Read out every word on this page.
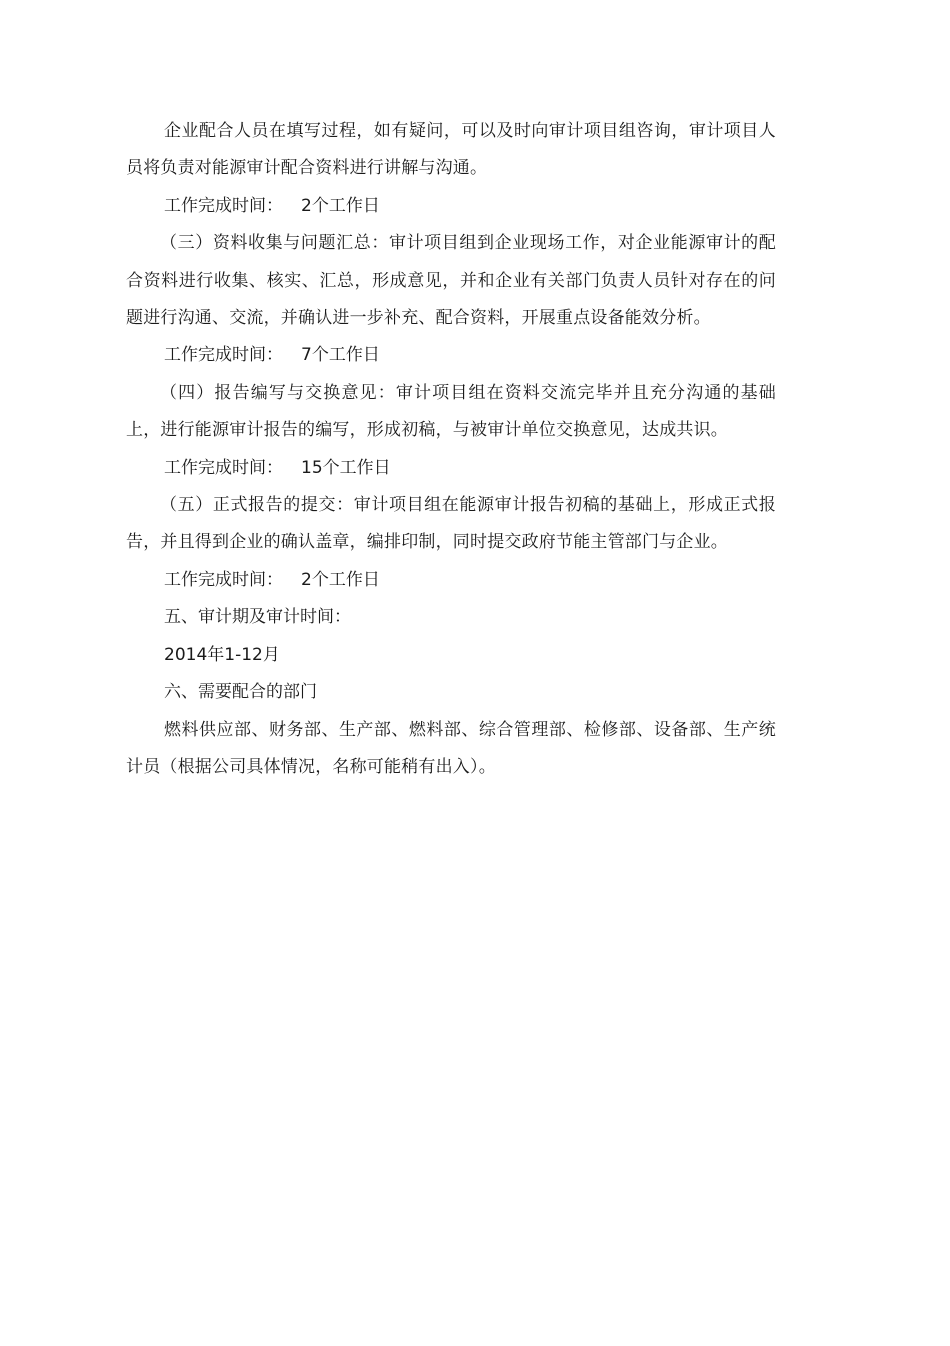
企业配合人员在填写过程，如有疑问，可以及时向审计项目组咨询，审计项目人员将负责对能源审计配合资料进行讲解与沟通。

工作完成时间： 2个工作日

（三）资料收集与问题汇总：审计项目组到企业现场工作，对企业能源审计的配合资料进行收集、核实、汇总，形成意见，并和企业有关部门负责人员针对存在的问题进行沟通、交流，并确认进一步补充、配合资料，开展重点设备能效分析。

工作完成时间： 7个工作日

（四）报告编写与交换意见：审计项目组在资料交流完毕并且充分沟通的基础上，进行能源审计报告的编写，形成初稿，与被审计单位交换意见，达成共识。

工作完成时间： 15个工作日

（五）正式报告的提交：审计项目组在能源审计报告初稿的基础上，形成正式报告，并且得到企业的确认盖章，编排印制，同时提交政府节能主管部门与企业。

工作完成时间： 2个工作日

五、审计期及审计时间：

2014年1-12月

六、需要配合的部门

燃料供应部、财务部、生产部、燃料部、综合管理部、检修部、设备部、生产统计员（根据公司具体情况，名称可能稍有出入）。
